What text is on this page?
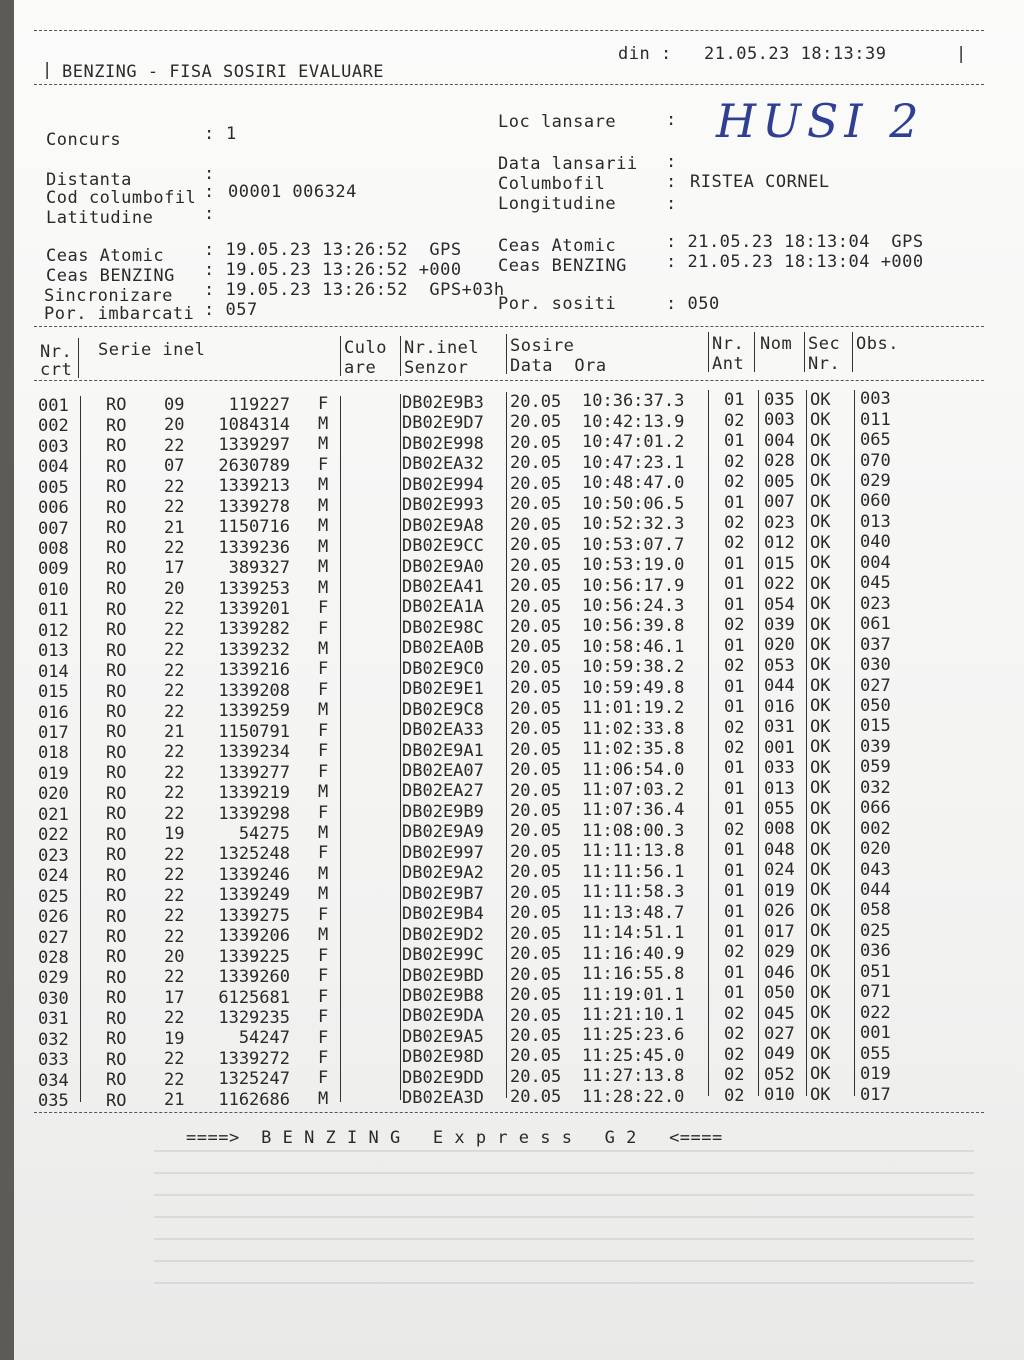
| BENZING - FISA SOSIRI EVALUARE
din : 21.05.23 18:13:39	|
Concurs	: 1
Distanta	:
Cod columbofil : 00001 006324
Latitudine	:
Loc lansare	: HUSI 2
Data lansarii :
Columbofil	: RISTEA CORNEL
Longitudine	:
Ceas Atomic : 19.05.23 13:26:52  GPS
Ceas BENZING : 19.05.23 13:26:52 +000
Sincronizare : 19.05.23 13:26:52  GPS+03h
Por. imbarcati : 057
Ceas Atomic	: 21.05.23 18:13:04  GPS
Ceas BENZING : 21.05.23 18:13:04 +000
Por. sositi	: 050
Nr.
crt
Serie inel	Culo
are
Nr.inel
Senzor
Sosire
Data  Ora
Nr.
Ant
Nom Sec
Nr.
Obs.
001	RO	09	119227 F	DB02E9B3	20.05	10:36:37.3	01	035 OK	003
002	RO	20	1084314 M	DB02E9D7	20.05	10:42:13.9	02	003 OK	011
003	RO	22	1339297 M	DB02E998	20.05	10:47:01.2	01	004 OK	065
004	RO	07	2630789 F	DB02EA32	20.05	10:47:23.1	02	028 OK	070
005	RO	22	1339213 M	DB02E994	20.05	10:48:47.0	02	005 OK	029
006	RO	22	1339278 M	DB02E993	20.05	10:50:06.5	01	007 OK	060
007	RO	21	1150716 M	DB02E9A8	20.05	10:52:32.3	02	023 OK	013
008	RO	22	1339236 M	DB02E9CC	20.05	10:53:07.7	02	012 OK	040
009	RO	17	389327 M	DB02E9A0	20.05	10:53:19.0	01	015 OK	004
010	RO	20	1339253 M	DB02EA41	20.05	10:56:17.9	01	022 OK	045
011	RO	22	1339201 F	DB02EA1A	20.05	10:56:24.3	01	054 OK	023
012	RO	22	1339282 F	DB02E98C	20.05	10:56:39.8	02	039 OK	061
013	RO	22	1339232 M	DB02EA0B	20.05	10:58:46.1	01	020 OK	037
014	RO	22	1339216 F	DB02E9C0	20.05	10:59:38.2	02	053 OK	030
015	RO	22	1339208 F	DB02E9E1	20.05	10:59:49.8	01	044 OK	027
016	RO	22	1339259 M	DB02E9C8	20.05	11:01:19.2	01	016 OK	050
017	RO	21	1150791 F	DB02EA33	20.05	11:02:33.8	02	031 OK	015
018	RO	22	1339234 F	DB02E9A1	20.05	11:02:35.8	02	001 OK	039
019	RO	22	1339277 F	DB02EA07	20.05	11:06:54.0	01	033 OK	059
020	RO	22	1339219 M	DB02EA27	20.05	11:07:03.2	01	013 OK	032
021	RO	22	1339298 F	DB02E9B9	20.05	11:07:36.4	01	055 OK	066
022	RO	19	54275 M	DB02E9A9	20.05	11:08:00.3	02	008 OK	002
023	RO	22	1325248 F	DB02E997	20.05	11:11:13.8	01	048 OK	020
024	RO	22	1339246 M	DB02E9A2	20.05	11:11:56.1	01	024 OK	043
025	RO	22	1339249 M	DB02E9B7	20.05	11:11:58.3	01	019 OK	044
026	RO	22	1339275 F	DB02E9B4	20.05	11:13:48.7	01	026 OK	058
027	RO	22	1339206 M	DB02E9D2	20.05	11:14:51.1	01	017 OK	025
028	RO	20	1339225 F	DB02E99C	20.05	11:16:40.9	02	029 OK	036
029	RO	22	1339260 F	DB02E9BD	20.05	11:16:55.8	01	046 OK	051
030	RO	17	6125681 F	DB02E9B8	20.05	11:19:01.1	01	050 OK	071
031	RO	22	1329235 F	DB02E9DA	20.05	11:21:10.1	02	045 OK	022
032	RO	19	54247 F	DB02E9A5	20.05	11:25:23.6	02	027 OK	001
033	RO	22	1339272 F	DB02E98D	20.05	11:25:45.0	02	049 OK	055
034	RO	22	1325247 F	DB02E9DD	20.05	11:27:13.8	02	052 OK	019
035	RO	21	1162686 M	DB02EA3D	20.05	11:28:22.0	02	010 OK	017
====>  B E N Z I N G   E x p r e s s   G 2   <====
